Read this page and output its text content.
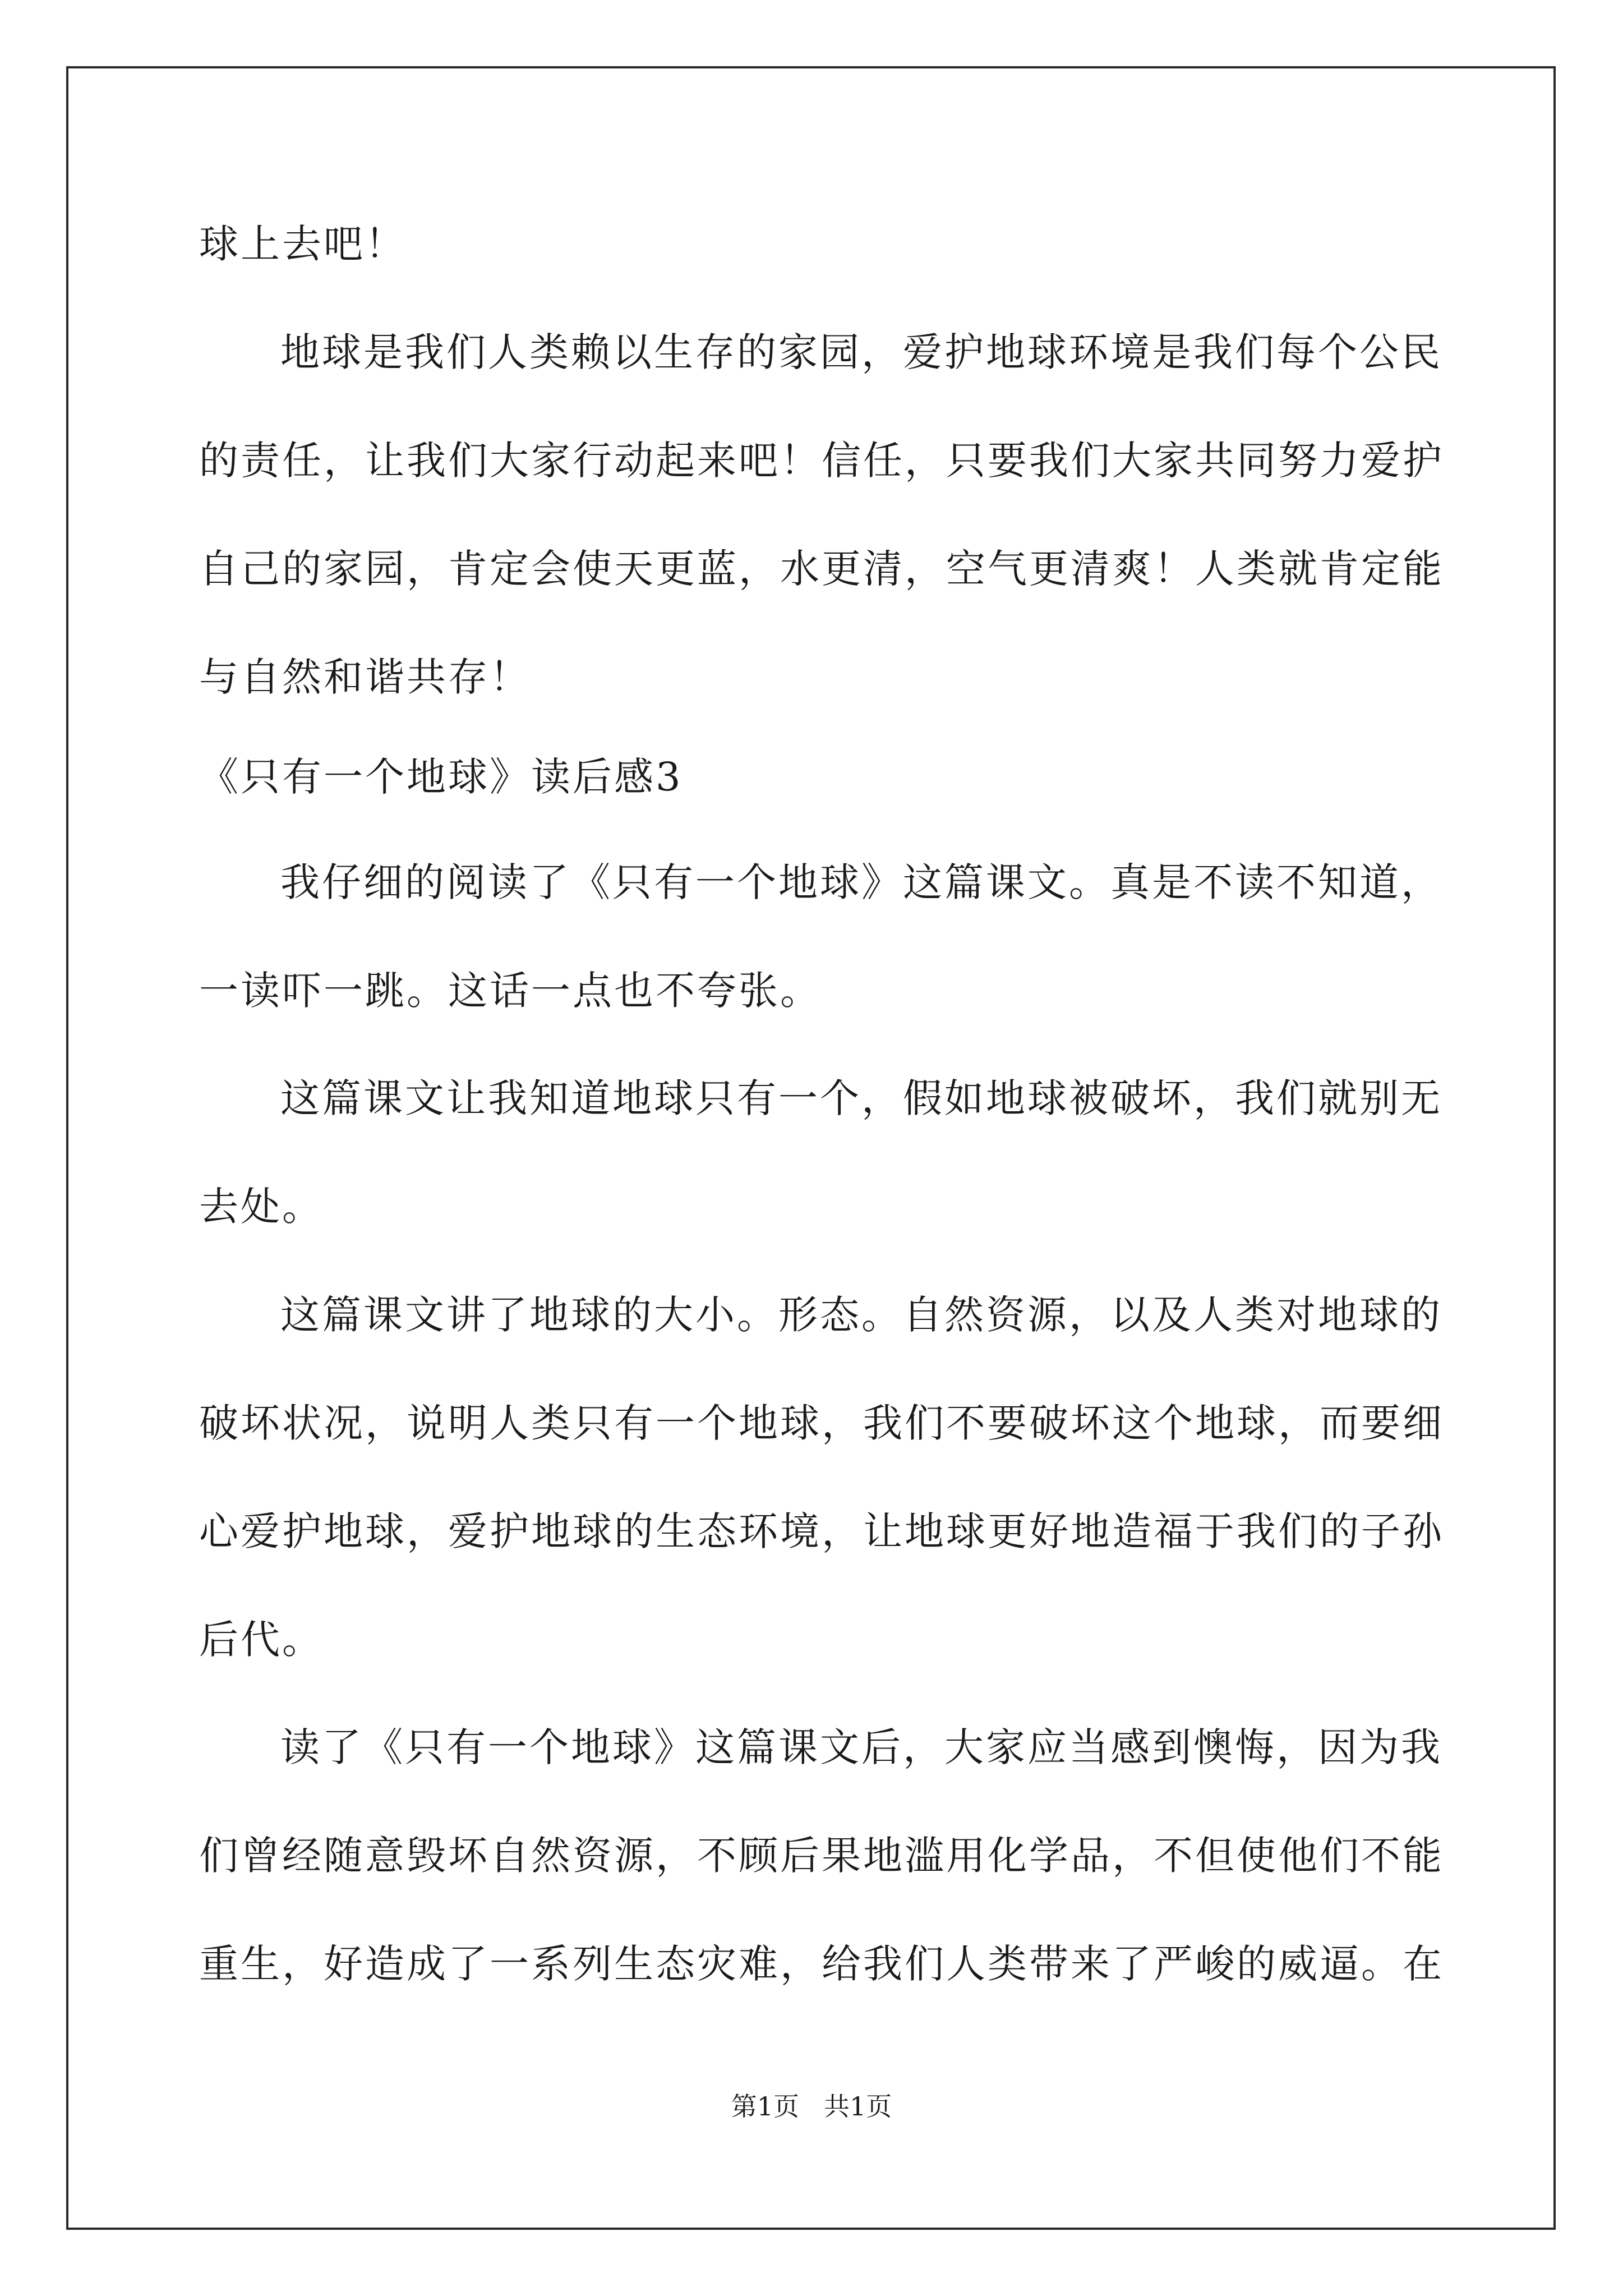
球上去吧！
地球是我们人类赖以生存的家园，爱护地球环境是我们每个公民
的责任，让我们大家行动起来吧！信任，只要我们大家共同努力爱护
自己的家园，肯定会使天更蓝，水更清，空气更清爽！人类就肯定能
与自然和谐共存！
《只有一个地球》读后感3
我仔细的阅读了《只有一个地球》这篇课文。真是不读不知道，
一读吓一跳。这话一点也不夸张。
这篇课文让我知道地球只有一个，假如地球被破坏，我们就别无
去处。
这篇课文讲了地球的大小。形态。自然资源，以及人类对地球的
破坏状况，说明人类只有一个地球，我们不要破坏这个地球，而要细
心爱护地球，爱护地球的生态环境，让地球更好地造福于我们的子孙
后代。
读了《只有一个地球》这篇课文后，大家应当感到懊悔，因为我
们曾经随意毁坏自然资源，不顾后果地滥用化学品，不但使他们不能
重生，好造成了一系列生态灾难，给我们人类带来了严峻的威逼。在
第1页 共1页
